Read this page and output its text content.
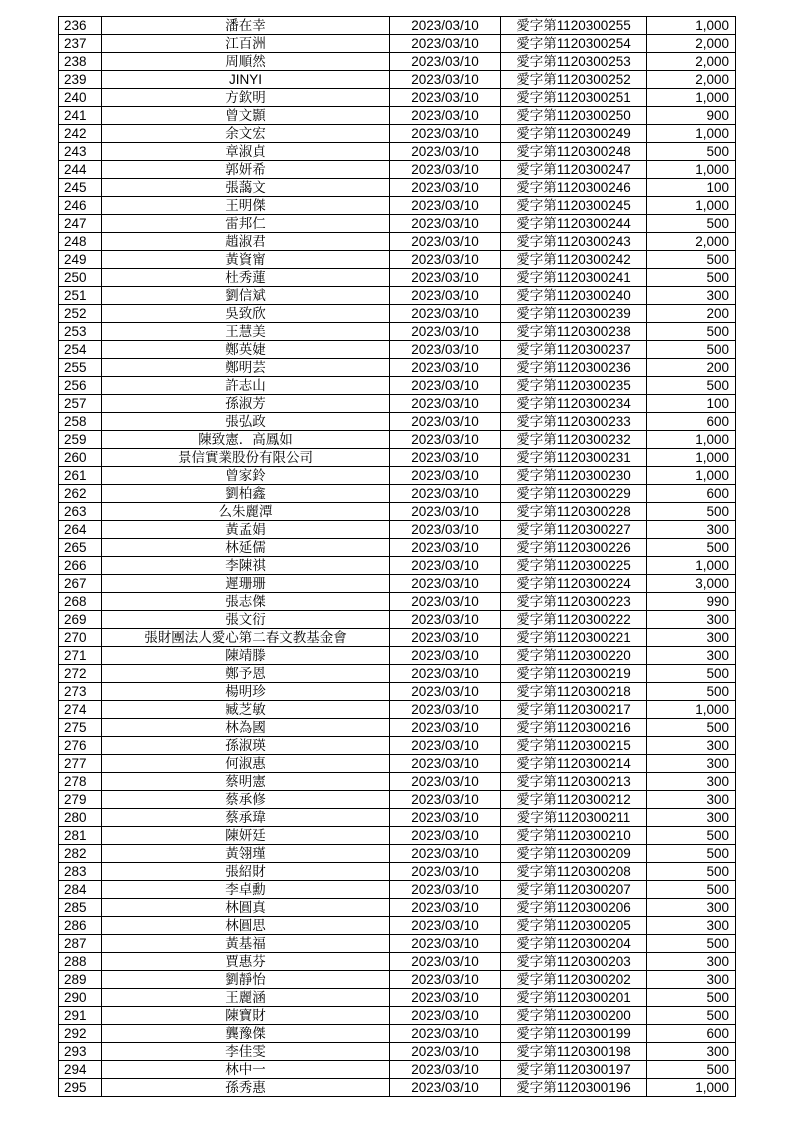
236	潘在幸	2023/03/10	愛字第1120300255	1,000
237	江百洲	2023/03/10	愛字第1120300254	2,000
238	周順然	2023/03/10	愛字第1120300253	2,000
239	JINYI	2023/03/10	愛字第1120300252	2,000
240	方欽明	2023/03/10	愛字第1120300251	1,000
241	曾文顥	2023/03/10	愛字第1120300250	900
242	余文宏	2023/03/10	愛字第1120300249	1,000
243	章淑貞	2023/03/10	愛字第1120300248	500
244	郭妍希	2023/03/10	愛字第1120300247	1,000
245	張藹文	2023/03/10	愛字第1120300246	100
246	王明傑	2023/03/10	愛字第1120300245	1,000
247	雷邦仁	2023/03/10	愛字第1120300244	500
248	趙淑君	2023/03/10	愛字第1120300243	2,000
249	黃資甯	2023/03/10	愛字第1120300242	500
250	杜秀蓮	2023/03/10	愛字第1120300241	500
251	劉信斌	2023/03/10	愛字第1120300240	300
252	吳致欣	2023/03/10	愛字第1120300239	200
253	王慧美	2023/03/10	愛字第1120300238	500
254	鄭英婕	2023/03/10	愛字第1120300237	500
255	鄭明芸	2023/03/10	愛字第1120300236	200
256	許志山	2023/03/10	愛字第1120300235	500
257	孫淑芳	2023/03/10	愛字第1120300234	100
258	張弘政	2023/03/10	愛字第1120300233	600
259	陳致憲．高鳳如	2023/03/10	愛字第1120300232	1,000
260	景信實業股份有限公司	2023/03/10	愛字第1120300231	1,000
261	曾家鈴	2023/03/10	愛字第1120300230	1,000
262	劉柏鑫	2023/03/10	愛字第1120300229	600
263	么朱麗潭	2023/03/10	愛字第1120300228	500
264	黃孟娟	2023/03/10	愛字第1120300227	300
265	林延儒	2023/03/10	愛字第1120300226	500
266	李陳祺	2023/03/10	愛字第1120300225	1,000
267	遲珊珊	2023/03/10	愛字第1120300224	3,000
268	張志傑	2023/03/10	愛字第1120300223	990
269	張文衍	2023/03/10	愛字第1120300222	300
270	張財團法人愛心第二春文教基金會	2023/03/10	愛字第1120300221	300
271	陳靖滕	2023/03/10	愛字第1120300220	300
272	鄭予恩	2023/03/10	愛字第1120300219	500
273	楊明珍	2023/03/10	愛字第1120300218	500
274	臧芝敏	2023/03/10	愛字第1120300217	1,000
275	林為國	2023/03/10	愛字第1120300216	500
276	孫淑瑛	2023/03/10	愛字第1120300215	300
277	何淑惠	2023/03/10	愛字第1120300214	300
278	蔡明憲	2023/03/10	愛字第1120300213	300
279	蔡承修	2023/03/10	愛字第1120300212	300
280	蔡承瑋	2023/03/10	愛字第1120300211	300
281	陳妍廷	2023/03/10	愛字第1120300210	500
282	黃翎瑾	2023/03/10	愛字第1120300209	500
283	張紹財	2023/03/10	愛字第1120300208	500
284	李卓勳	2023/03/10	愛字第1120300207	500
285	林圓真	2023/03/10	愛字第1120300206	300
286	林圓思	2023/03/10	愛字第1120300205	300
287	黃基福	2023/03/10	愛字第1120300204	500
288	賈惠芬	2023/03/10	愛字第1120300203	300
289	劉靜怡	2023/03/10	愛字第1120300202	300
290	王麗涵	2023/03/10	愛字第1120300201	500
291	陳寶財	2023/03/10	愛字第1120300200	500
292	龔豫傑	2023/03/10	愛字第1120300199	600
293	李佳雯	2023/03/10	愛字第1120300198	300
294	林中一	2023/03/10	愛字第1120300197	500
295	孫秀惠	2023/03/10	愛字第1120300196	1,000
